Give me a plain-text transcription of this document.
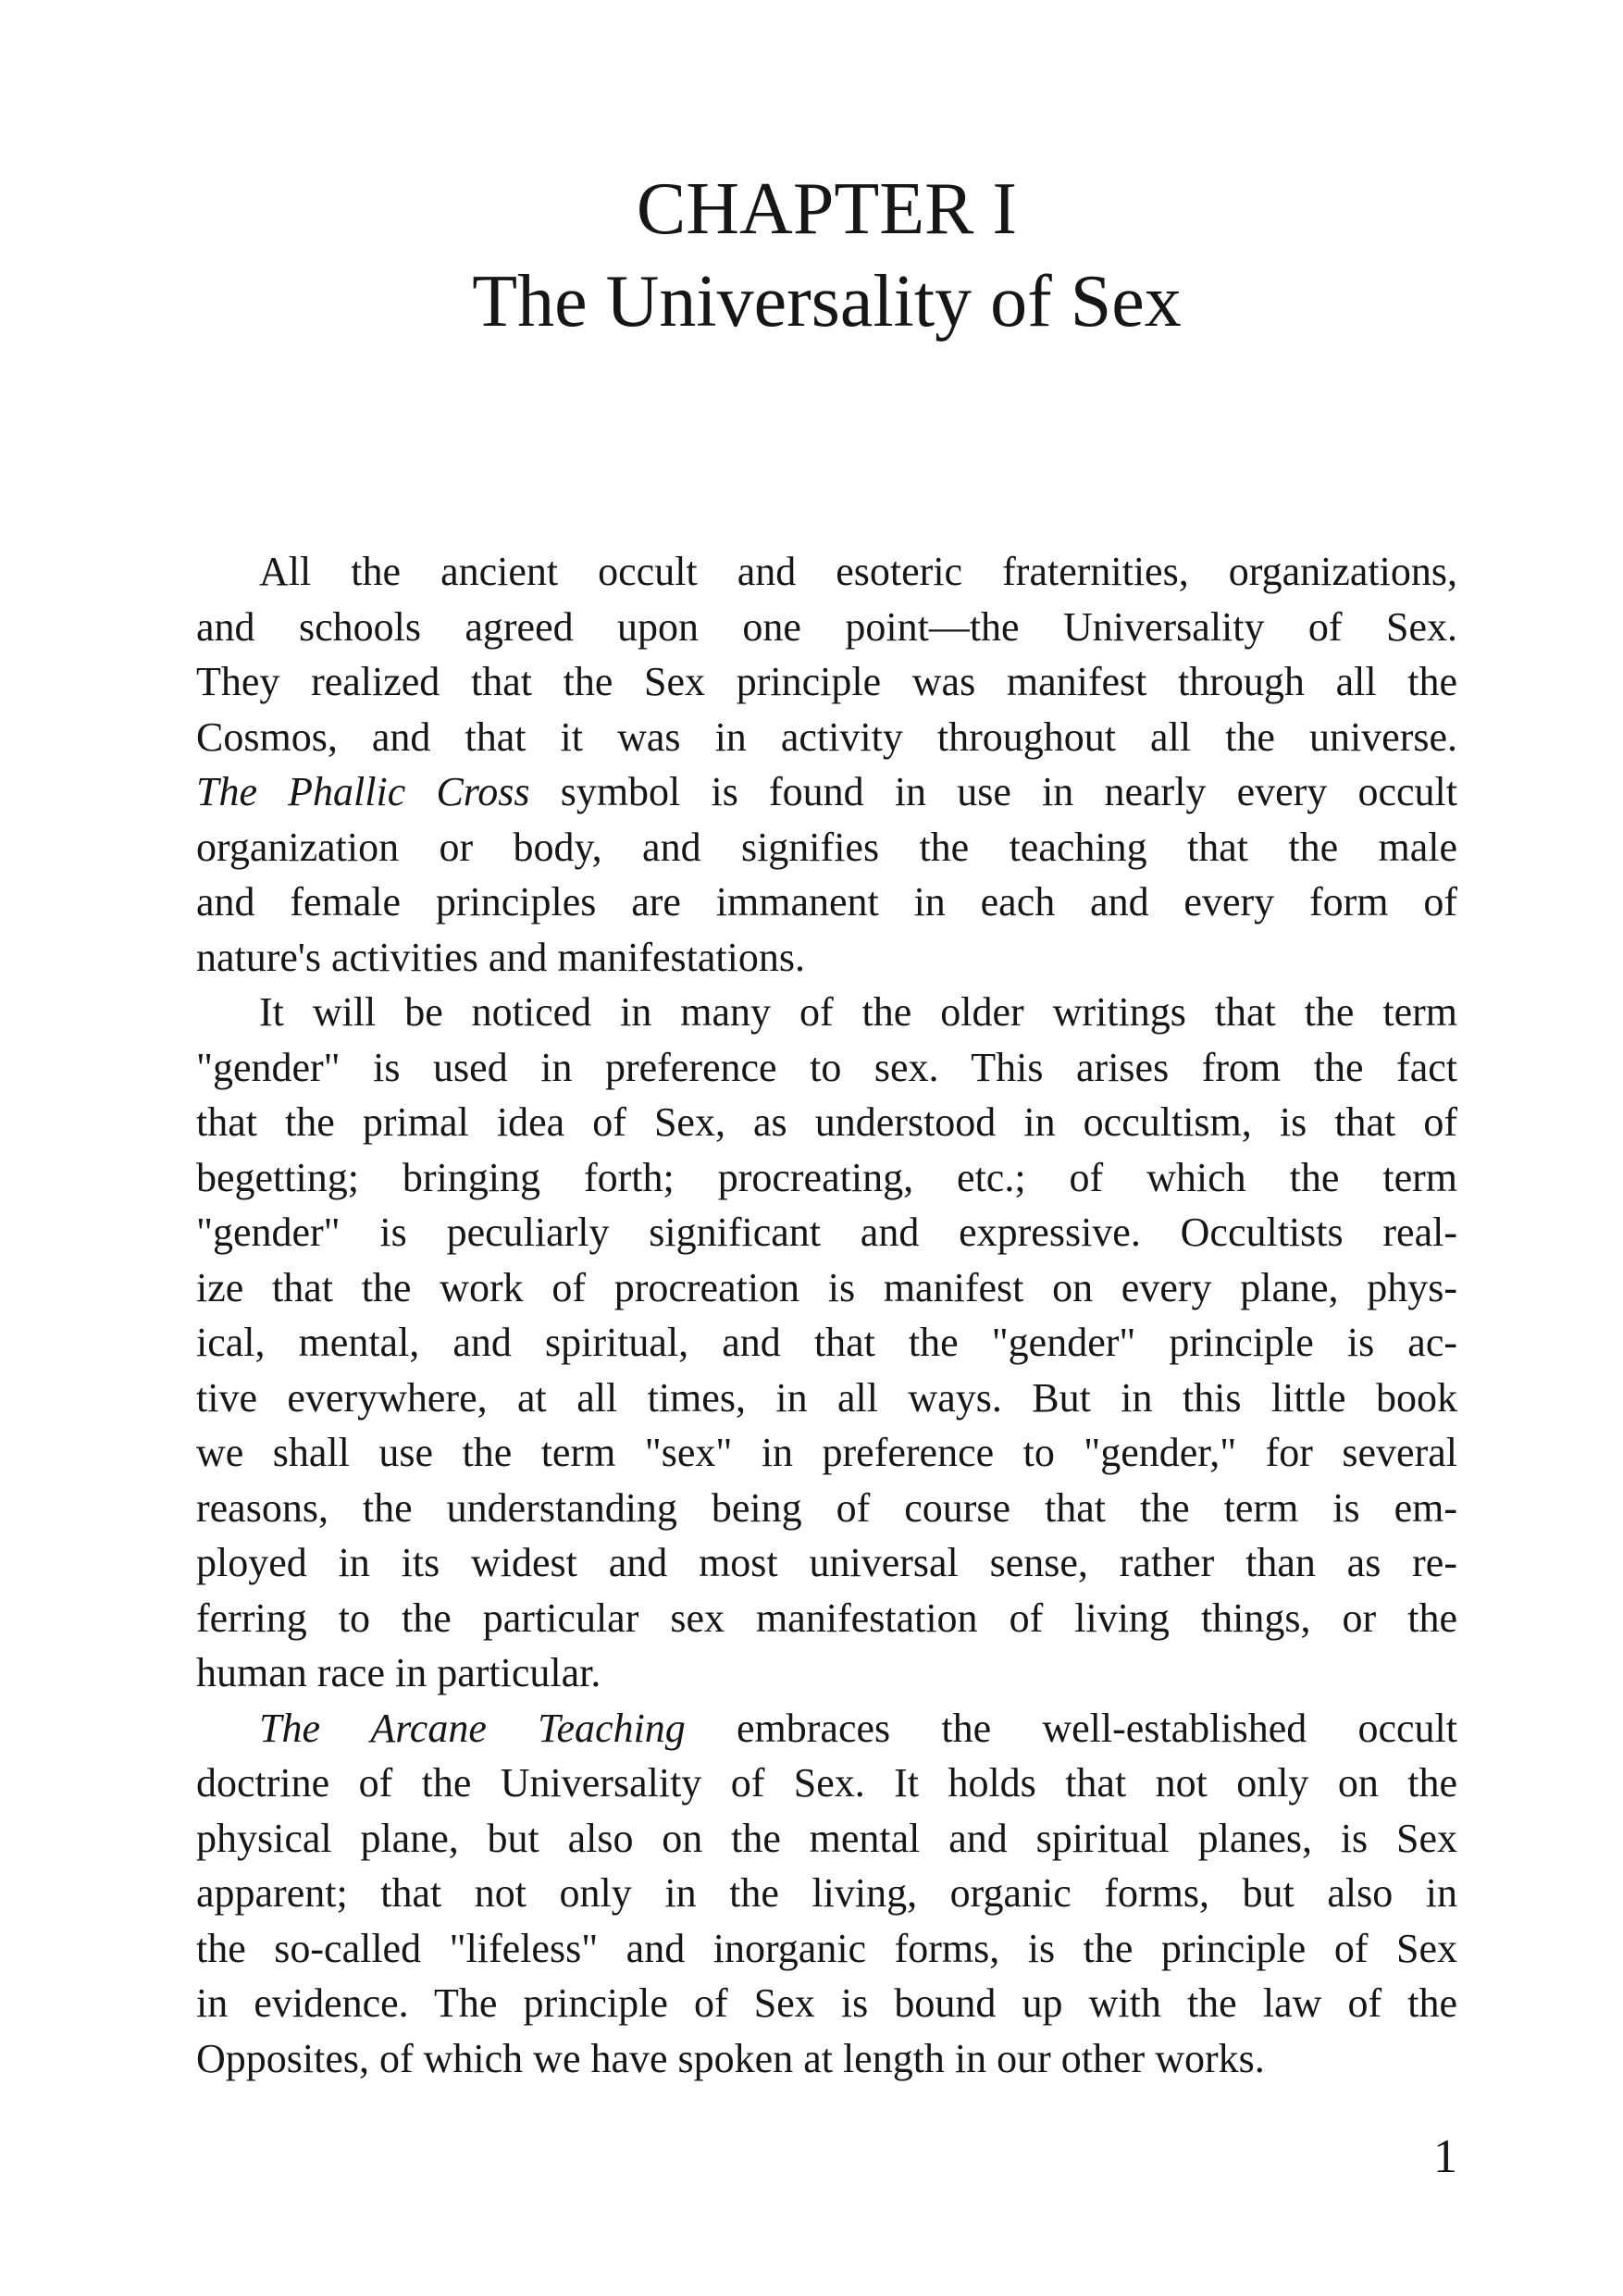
CHAPTER I
The Universality of Sex
All the ancient occult and esoteric fraternities, organizations,
and schools agreed upon one point—the Universality of Sex.
They realized that the Sex principle was manifest through all the
Cosmos, and that it was in activity throughout all the universe.
The Phallic Cross symbol is found in use in nearly every occult
organization or body, and signifies the teaching that the male
and female principles are immanent in each and every form of
nature's activities and manifestations.
It will be noticed in many of the older writings that the term
"gender" is used in preference to sex. This arises from the fact
that the primal idea of Sex, as understood in occultism, is that of
begetting; bringing forth; procreating, etc.; of which the term
"gender" is peculiarly significant and expressive. Occultists real-
ize that the work of procreation is manifest on every plane, phys-
ical, mental, and spiritual, and that the "gender" principle is ac-
tive everywhere, at all times, in all ways. But in this little book
we shall use the term "sex" in preference to "gender," for several
reasons, the understanding being of course that the term is em-
ployed in its widest and most universal sense, rather than as re-
ferring to the particular sex manifestation of living things, or the
human race in particular.
The Arcane Teaching embraces the well-established occult
doctrine of the Universality of Sex. It holds that not only on the
physical plane, but also on the mental and spiritual planes, is Sex
apparent; that not only in the living, organic forms, but also in
the so-called "lifeless" and inorganic forms, is the principle of Sex
in evidence. The principle of Sex is bound up with the law of the
Opposites, of which we have spoken at length in our other works.
1
